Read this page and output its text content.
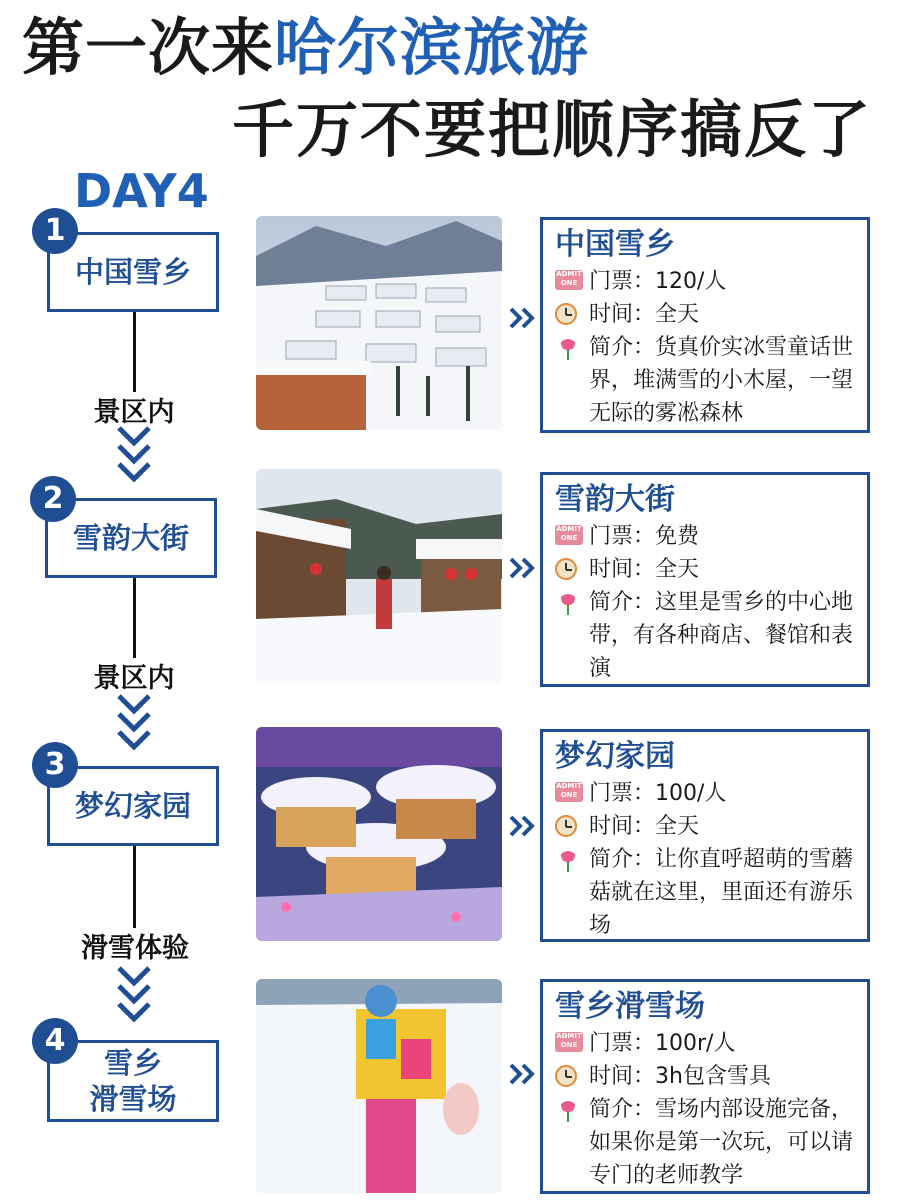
第一次来哈尔滨旅游
千万不要把顺序搞反了
DAY4
中国雪乡
1
雪韵大街
2
梦幻家园
3
雪乡
滑雪场
4
景区内
景区内
滑雪体验
中国雪乡
ADMIT ONE 门票：120/人
时间：全天
简介：货真价实冰雪童话世界，堆满雪的小木屋，一望无际的雾凇森林
雪韵大街
ADMIT ONE 门票：免费
时间：全天
简介：这里是雪乡的中心地带，有各种商店、餐馆和表演
梦幻家园
ADMIT ONE 门票：100/人
时间：全天
简介：让你直呼超萌的雪蘑菇就在这里，里面还有游乐场
雪乡滑雪场
ADMIT ONE 门票：100r/人
时间：3h包含雪具
简介：雪场内部设施完备，如果你是第一次玩，可以请专门的老师教学
